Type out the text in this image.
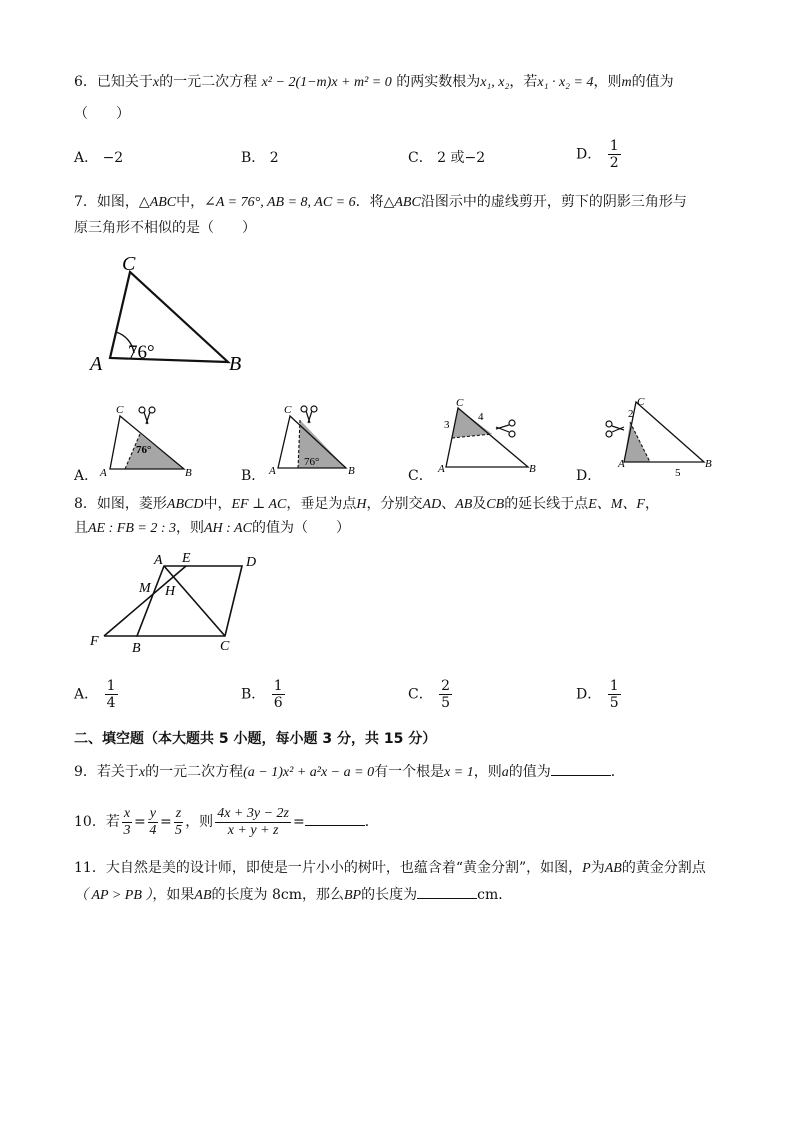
6．已知关于x的一元二次方程 x² − 2(1−m)x + m² = 0 的两实数根为x₁, x₂，若x₁ · x₂ = 4，则m的值为
（　　）
A． −2	B． 2	C． 2 或−2	D． $\frac{1}{2}$
7．如图，△ABC中，∠A = 76°, AB = 8, AC = 6．将△ABC沿图示中的虚线剪开，剪下的阴影三角形与
原三角形不相似的是（　　）
C
A	B
76°
A．
C
A	B
76°
B．
C
A	B
76°
C．
C
A	B
3
4
D．
C
A	B
2
5
8．如图，菱形ABCD中，EF ⊥ AC，垂足为点H，分别交AD、AB及CB的延长线于点E、M、F，
且AE : FB = 2 : 3，则AH : AC的值为（　　）
A E	D
M H
F B	C
A． $\frac{1}{4}$	B． $\frac{1}{6}$	C． $\frac{2}{5}$	D． $\frac{1}{5}$
二、填空题（本大题共 5 小题，每小题 3 分，共 15 分）
9．若关于x的一元二次方程(a − 1)x² + a²x − a = 0有一个根是x = 1，则a的值为	．
10．若 $\frac{x}{3} = \frac{y}{4} = \frac{z}{5}$ ，则 $\frac{4x + 3y - 2z}{x + y + z}$ =	．
11．大自然是美的设计师，即使是一片小小的树叶，也蕴含着“黄金分割”，如图，P为AB的黄金分割点
（ AP > PB ），如果AB的长度为 8cm，那么BP的长度为	cm．
